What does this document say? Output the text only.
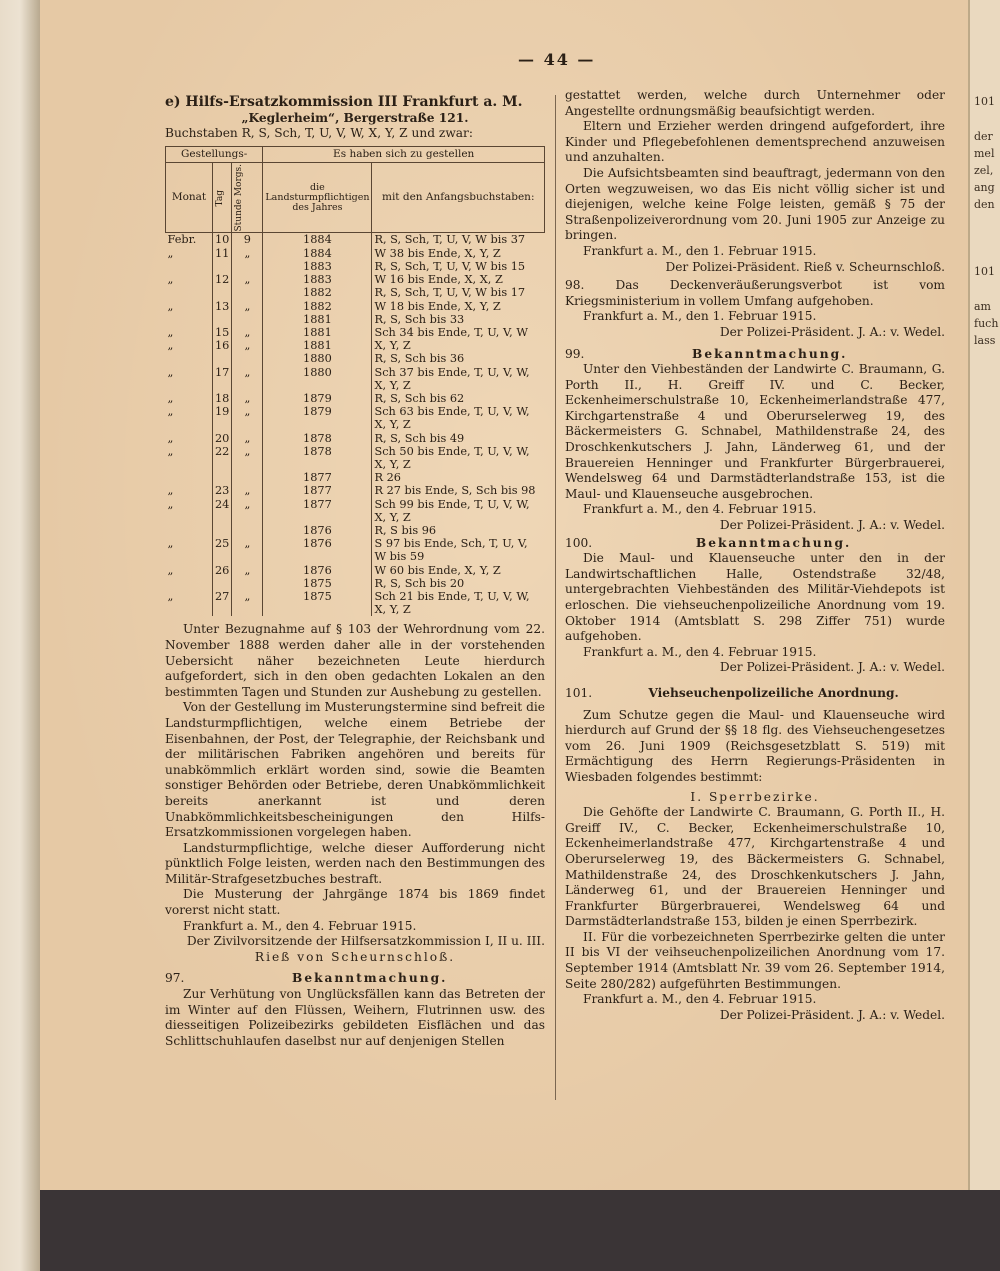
101
der
mel
zel,
ang
den
101
am
fuch
lass
— 44 —

e) Hilfs-Ersatzkommission III Frankfurt a. M.

„Keglerheim“, Bergerstraße 121.

Buchstaben R, S, Sch, T, U, V, W, X, Y, Z und zwar:

Gestellungs-			Es haben sich zu gestellen	
Monat	Tag	Stunde Morgs.	die Landsturmpflichtigen des Jahres	mit den Anfangsbuchstaben:
Febr.	10	9	1884	R, S, Sch, T, U, V, W bis 37
„	11	„	1884	W 38 bis Ende, X, Y, Z
			1883	R, S, Sch, T, U, V, W bis 15
„	12	„	1883	W 16 bis Ende, X, X, Z
			1882	R, S, Sch, T, U, V, W bis 17
„	13	„	1882	W 18 bis Ende, X, Y, Z
			1881	R, S, Sch bis 33
„	15	„	1881	Sch 34 bis Ende, T, U, V, W
„	16	„	1881	X, Y, Z
			1880	R, S, Sch bis 36
„	17	„	1880	Sch 37 bis Ende, T, U, V, W, X, Y, Z
„	18	„	1879	R, S, Sch bis 62
„	19	„	1879	Sch 63 bis Ende, T, U, V, W, X, Y, Z
„	20	„	1878	R, S, Sch bis 49
„	22	„	1878	Sch 50 bis Ende, T, U, V, W, X, Y, Z
			1877	R 26
„	23	„	1877	R 27 bis Ende, S, Sch bis 98
„	24	„	1877	Sch 99 bis Ende, T, U, V, W, X, Y, Z
			1876	R, S bis 96
„	25	„	1876	S 97 bis Ende, Sch, T, U, V, W bis 59
„	26	„	1876	W 60 bis Ende, X, Y, Z
			1875	R, S, Sch bis 20
„	27	„	1875	Sch 21 bis Ende, T, U, V, W, X, Y, Z

Unter Bezugnahme auf § 103 der Wehrordnung vom 22. November 1888 werden daher alle in der vorstehenden Uebersicht näher bezeichneten Leute hierdurch aufgefordert, sich in den oben gedachten Lokalen an den bestimmten Tagen und Stunden zur Aushebung zu gestellen.

Von der Gestellung im Musterungstermine sind befreit die Landsturmpflichtigen, welche einem Betriebe der Eisenbahnen, der Post, der Telegraphie, der Reichsbank und der militärischen Fabriken angehören und bereits für unabkömmlich erklärt worden sind, sowie die Beamten sonstiger Behörden oder Betriebe, deren Unabkömmlichkeit bereits anerkannt ist und deren Unabkömmlichkeitsbescheinigungen den Hilfs-Ersatzkommissionen vorgelegen haben.

Landsturmpflichtige, welche dieser Aufforderung nicht pünktlich Folge leisten, werden nach den Bestimmungen des Militär-Strafgesetzbuches bestraft.

Die Musterung der Jahrgänge 1874 bis 1869 findet vorerst nicht statt.

Frankfurt a. M., den 4. Februar 1915.

Der Zivilvorsitzende der Hilfsersatzkommission I, II u. III.

Rieß von Scheurnschloß.

97.	Bekanntmachung.

Zur Verhütung von Unglücksfällen kann das Betreten der im Winter auf den Flüssen, Weihern, Flutrinnen usw. des diesseitigen Polizeibezirks gebildeten Eisflächen und das Schlittschuhlaufen daselbst nur auf denjenigen Stellen

gestattet werden, welche durch Unternehmer oder Angestellte ordnungsmäßig beaufsichtigt werden.

Eltern und Erzieher werden dringend aufgefordert, ihre Kinder und Pflegebefohlenen dementsprechend anzuweisen und anzuhalten.

Die Aufsichtsbeamten sind beauftragt, jedermann von den Orten wegzuweisen, wo das Eis nicht völlig sicher ist und diejenigen, welche keine Folge leisten, gemäß § 75 der Straßenpolizeiverordnung vom 20. Juni 1905 zur Anzeige zu bringen.

Frankfurt a. M., den 1. Februar 1915.

Der Polizei-Präsident. Rieß v. Scheurnschloß.

98. Das Deckenveräußerungsverbot ist vom Kriegsministerium in vollem Umfang aufgehoben.

Frankfurt a. M., den 1. Februar 1915.

Der Polizei-Präsident. J. A.: v. Wedel.

99.	Bekanntmachung.

Unter den Viehbeständen der Landwirte C. Braumann, G. Porth II., H. Greiff IV. und C. Becker, Eckenheimerschulstraße 10, Eckenheimerlandstraße 477, Kirchgartenstraße 4 und Oberurselerweg 19, des Bäckermeisters G. Schnabel, Mathildenstraße 24, des Droschkenkutschers J. Jahn, Länderweg 61, und der Brauereien Henninger und Frankfurter Bürgerbrauerei, Wendelsweg 64 und Darmstädterlandstraße 153, ist die Maul- und Klauenseuche ausgebrochen.

Frankfurt a. M., den 4. Februar 1915.

Der Polizei-Präsident. J. A.: v. Wedel.

100.	Bekanntmachung.

Die Maul- und Klauenseuche unter den in der Landwirtschaftlichen Halle, Ostendstraße 32/48, untergebrachten Viehbeständen des Militär-Viehdepots ist erloschen. Die viehseuchenpolizeiliche Anordnung vom 19. Oktober 1914 (Amtsblatt S. 298 Ziffer 751) wurde aufgehoben.

Frankfurt a. M., den 4. Februar 1915.

Der Polizei-Präsident. J. A.: v. Wedel.

101.	Viehseuchenpolizeiliche Anordnung.

Zum Schutze gegen die Maul- und Klauenseuche wird hierdurch auf Grund der §§ 18 flg. des Viehseuchengesetzes vom 26. Juni 1909 (Reichsgesetzblatt S. 519) mit Ermächtigung des Herrn Regierungs-Präsidenten in Wiesbaden folgendes bestimmt:

I. Sperrbezirke.

Die Gehöfte der Landwirte C. Braumann, G. Porth II., H. Greiff IV., C. Becker, Eckenheimerschulstraße 10, Eckenheimerlandstraße 477, Kirchgartenstraße 4 und Oberurselerweg 19, des Bäckermeisters G. Schnabel, Mathildenstraße 24, des Droschkenkutschers J. Jahn, Länderweg 61, und der Brauereien Henninger und Frankfurter Bürgerbrauerei, Wendelsweg 64 und Darmstädterlandstraße 153, bilden je einen Sperrbezirk.

II. Für die vorbezeichneten Sperrbezirke gelten die unter II bis VI der veihseuchenpolizeilichen Anordnung vom 17. September 1914 (Amtsblatt Nr. 39 vom 26. September 1914, Seite 280/282) aufgeführten Bestimmungen.

Frankfurt a. M., den 4. Februar 1915.

Der Polizei-Präsident. J. A.: v. Wedel.
